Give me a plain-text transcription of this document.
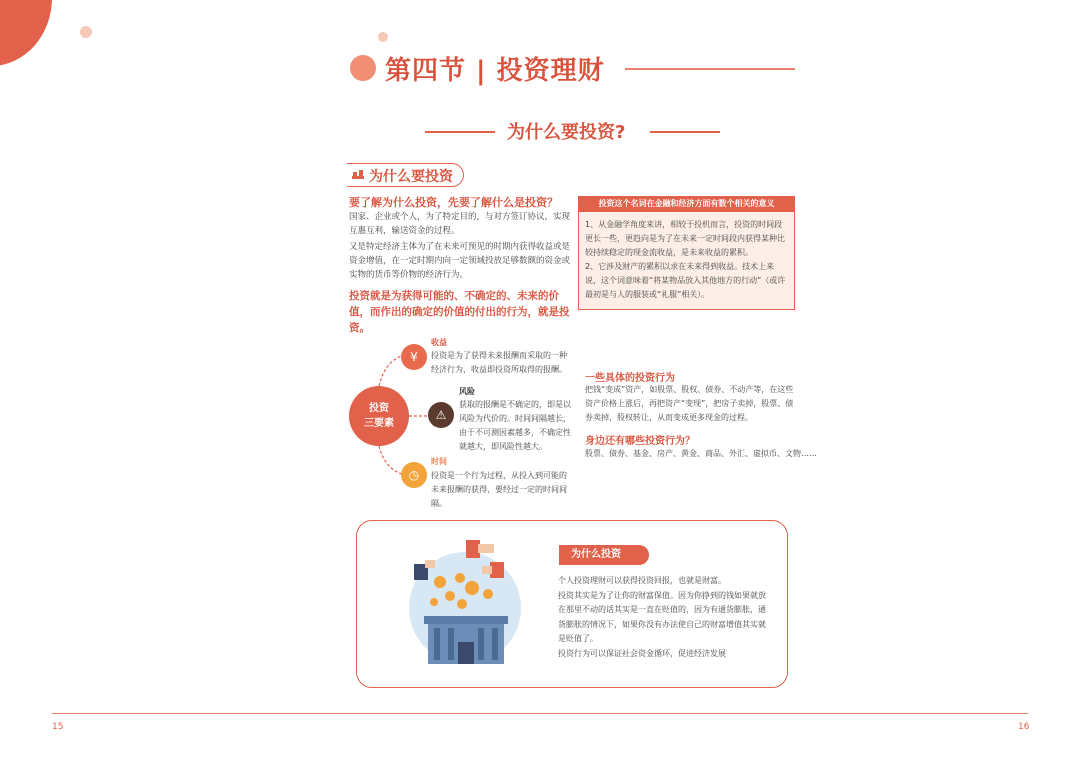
第四节 | 投资理财
为什么要投资?
为什么要投资
要了解为什么投资，先要了解什么是投资？
国家、企业或个人，为了特定目的，与对方签订协议，实现互惠互利，输送资金的过程。
又是特定经济主体为了在未来可预见的时期内获得收益或是资金增值，在一定时期内向一定领域投放足够数额的资金或实物的货币等价物的经济行为。
投资就是为获得可能的、不确定的、未来的价值，而作出的确定的价值的付出的行为，就是投资。
投资这个名词在金融和经济方面有数个相关的意义
1、从金融学角度来讲，相较于投机而言，投资的时间段更长一些，更趋向是为了在未来一定时间段内获得某种比较持续稳定的现金流收益，是未来收益的累积。
2、它涉及财产的累积以求在未来得到收益。技术上来说，这个词意味着“将某物品放入其他地方的行动”（或许最初是与人的服装或“礼服”相关）。
投资
三要素
¥
⚠
◷
收益
投资是为了获得未来报酬而采取的一种经济行为，收益即投资所取得的报酬。
风险
获取的报酬是不确定的，即是以风险为代价的。时间间隔越长，由于不可测因素越多，不确定性就越大，即风险性越大。
时间
投资是一个行为过程，从投入到可能的未来报酬的获得，要经过一定的时间间隔。
一些具体的投资行为
把钱“变成”资产，如股票、股权、债券、不动产等，在这些资产价格上涨后，再把资产“变现”，把房子卖掉，股票、债券卖掉，股权转让，从而变成更多现金的过程。
身边还有哪些投资行为？
股票、债券、基金、房产、黄金、商品、外汇、虚拟币、文物……
为什么投资
个人投资理财可以获得投资回报，也就是财富。
投资其实是为了让你的财富保值。因为你挣到的钱如果就放在那里不动的话其实是一直在贬值的，因为有通货膨胀，通货膨胀的情况下，如果你没有办法使自己的财富增值其实就是贬值了。
投资行为可以保证社会资金循环，促进经济发展
15	16
